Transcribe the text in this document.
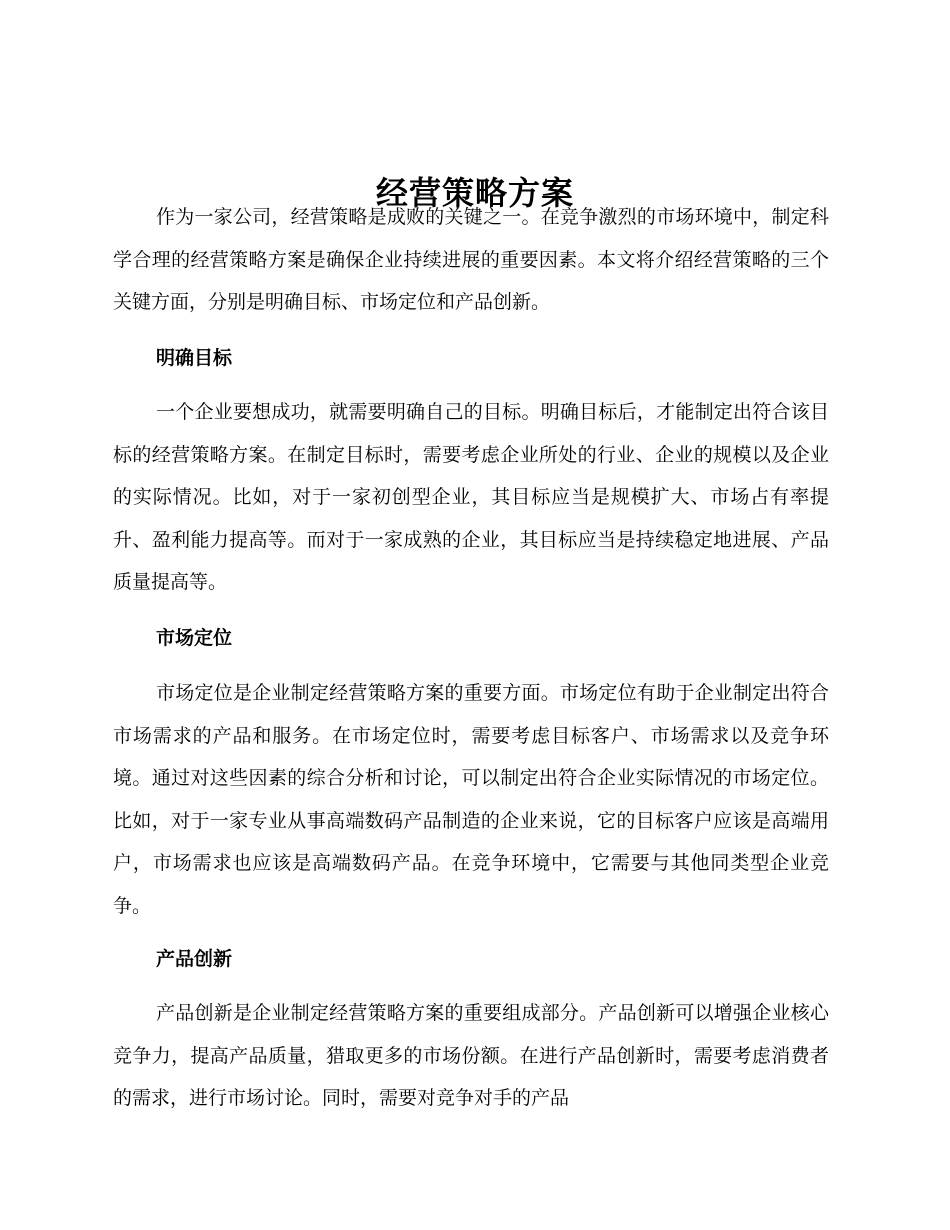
经营策略方案

作为一家公司，经营策略是成败的关键之一。在竞争激烈的市场环境中，制定科学合理的经营策略方案是确保企业持续进展的重要因素。本文将介绍经营策略的三个关键方面，分别是明确目标、市场定位和产品创新。

明确目标

一个企业要想成功，就需要明确自己的目标。明确目标后，才能制定出符合该目标的经营策略方案。在制定目标时，需要考虑企业所处的行业、企业的规模以及企业的实际情况。比如，对于一家初创型企业，其目标应当是规模扩大、市场占有率提升、盈利能力提高等。而对于一家成熟的企业，其目标应当是持续稳定地进展、产品质量提高等。

市场定位

市场定位是企业制定经营策略方案的重要方面。市场定位有助于企业制定出符合市场需求的产品和服务。在市场定位时，需要考虑目标客户、市场需求以及竞争环境。通过对这些因素的综合分析和讨论，可以制定出符合企业实际情况的市场定位。比如，对于一家专业从事高端数码产品制造的企业来说，它的目标客户应该是高端用户，市场需求也应该是高端数码产品。在竞争环境中，它需要与其他同类型企业竞争。

产品创新

产品创新是企业制定经营策略方案的重要组成部分。产品创新可以增强企业核心竞争力，提高产品质量，猎取更多的市场份额。在进行产品创新时，需要考虑消费者的需求，进行市场讨论。同时，需要对竞争对手的产品
